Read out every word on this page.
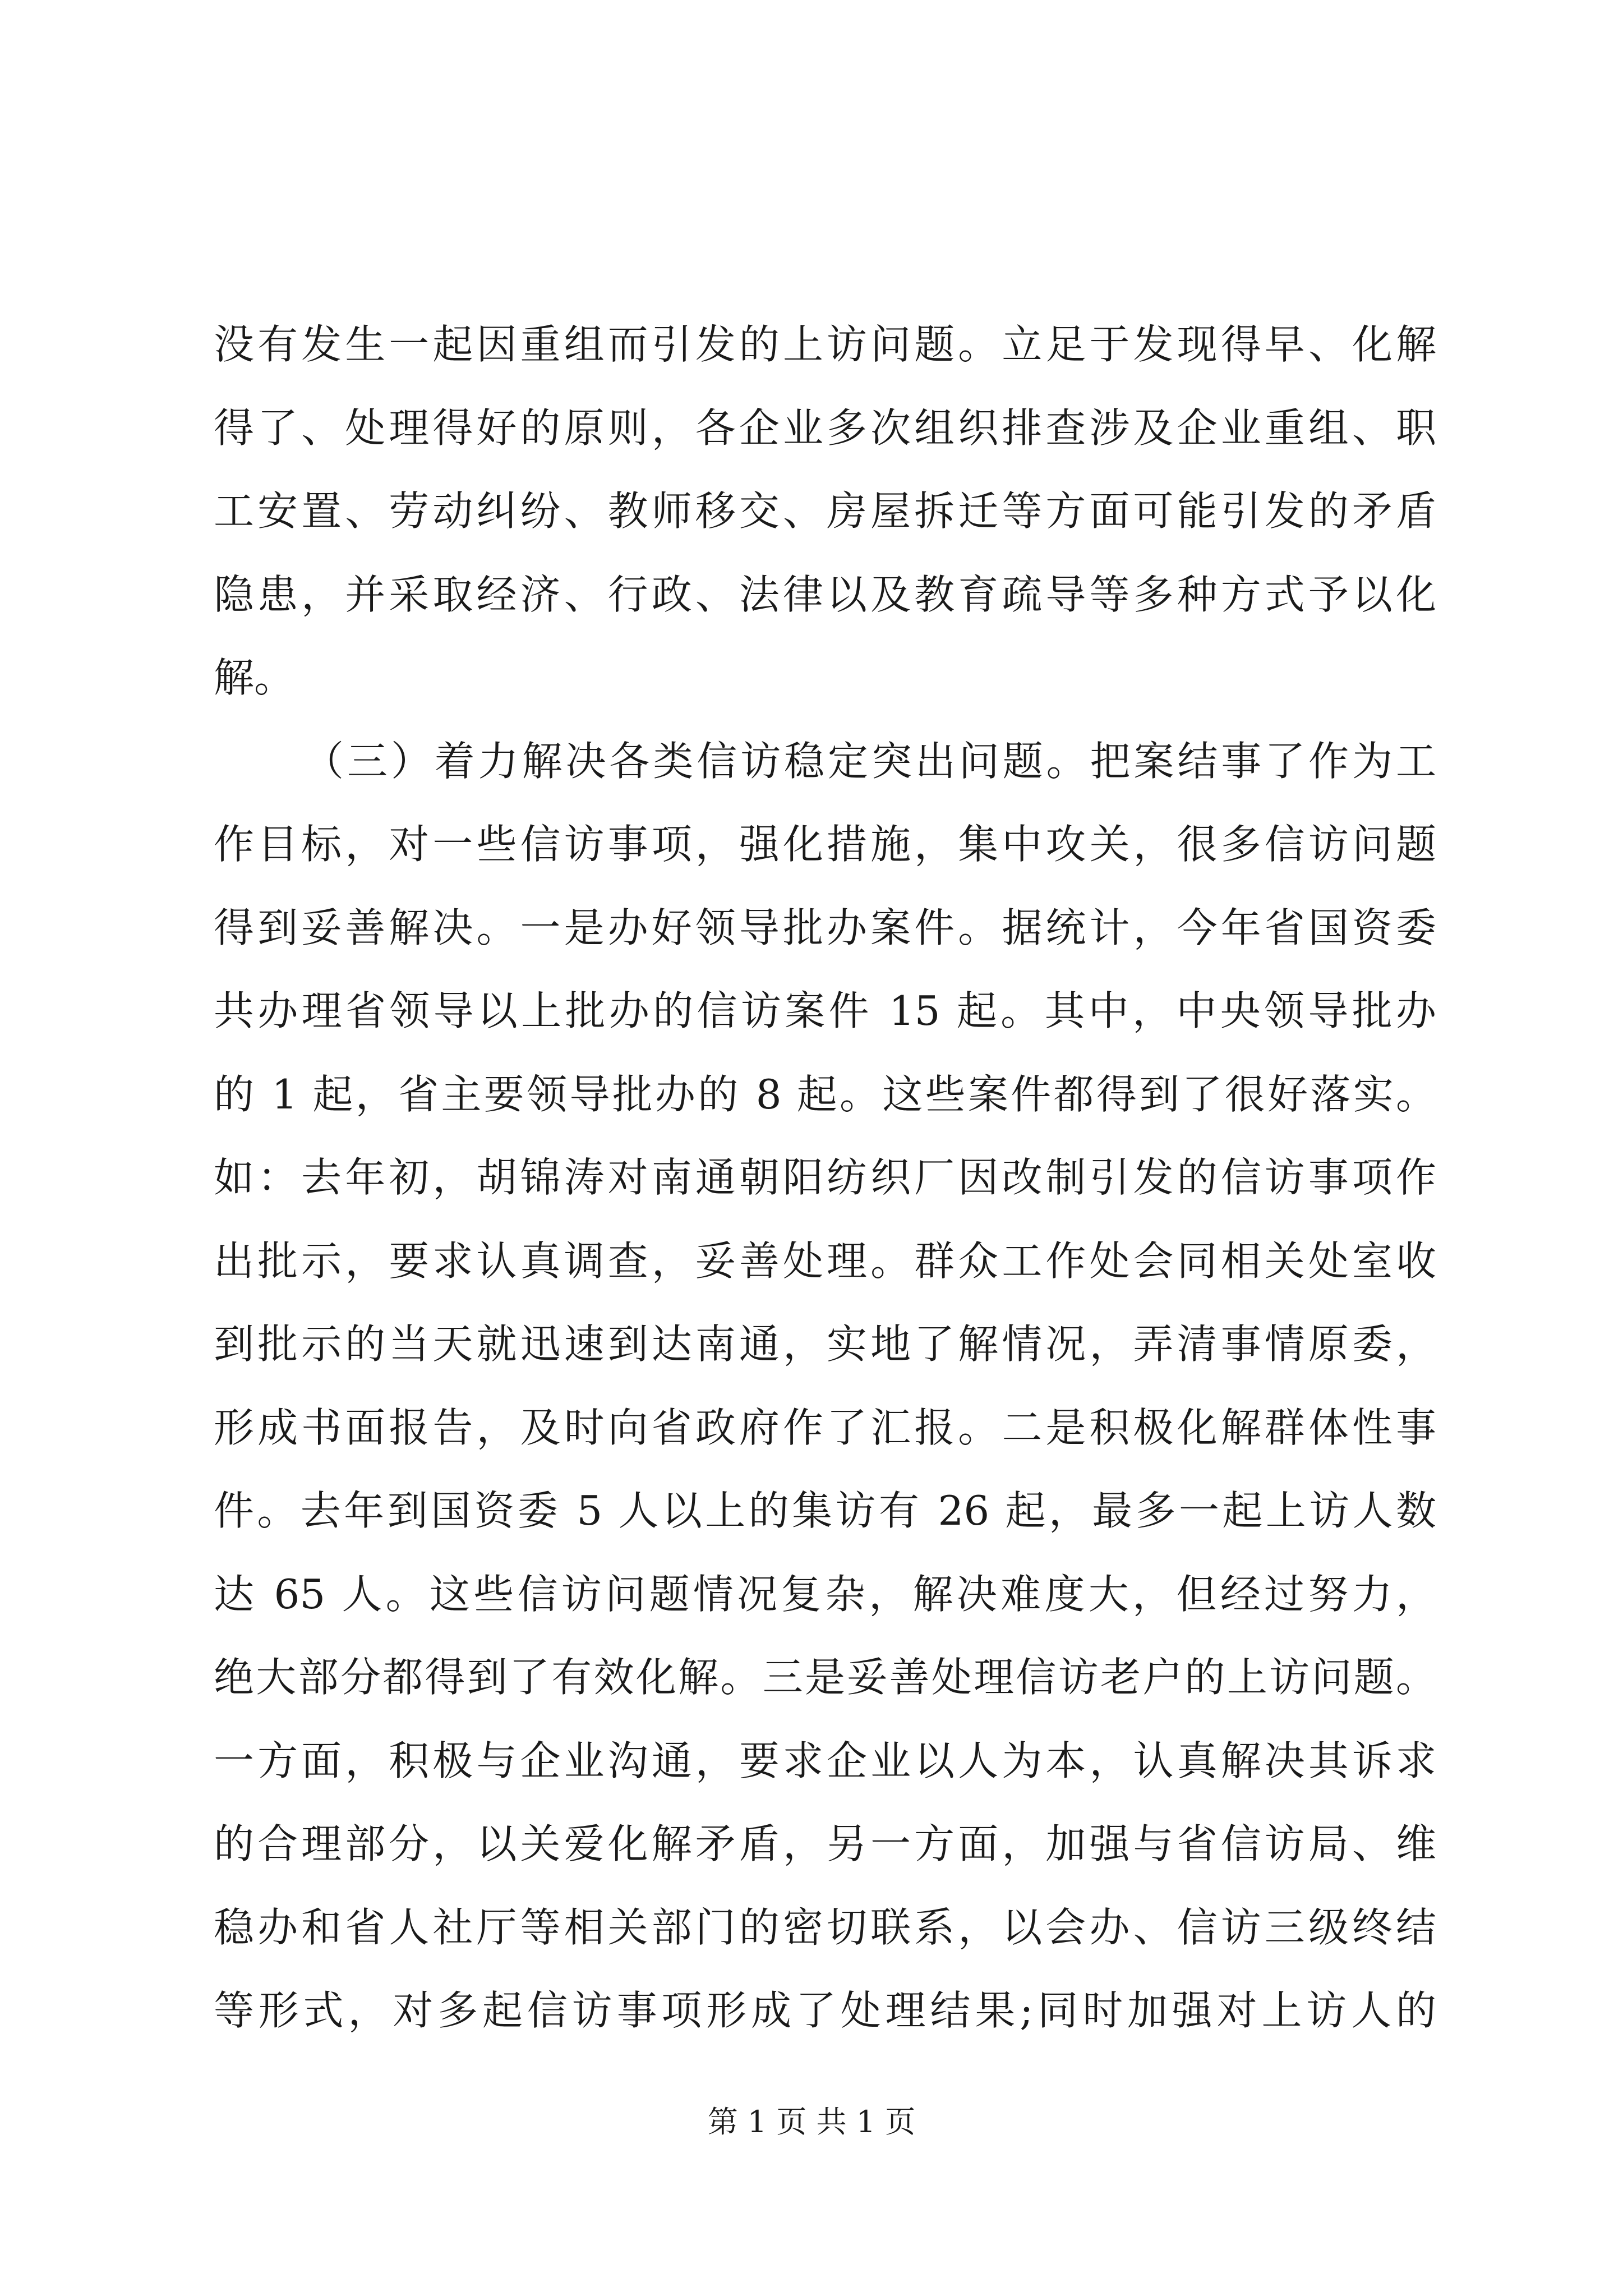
没有发生一起因重组而引发的上访问题。立足于发现得早、化解
得了、处理得好的原则，各企业多次组织排查涉及企业重组、职
工安置、劳动纠纷、教师移交、房屋拆迁等方面可能引发的矛盾
隐患，并采取经济、行政、法律以及教育疏导等多种方式予以化
解。
（三）着力解决各类信访稳定突出问题。把案结事了作为工
作目标，对一些信访事项，强化措施，集中攻关，很多信访问题
得到妥善解决。一是办好领导批办案件。据统计，今年省国资委
共办理省领导以上批办的信访案件 15 起。其中，中央领导批办
的 1 起，省主要领导批办的 8 起。这些案件都得到了很好落实。
如：去年初，胡锦涛对南通朝阳纺织厂因改制引发的信访事项作
出批示，要求认真调查，妥善处理。群众工作处会同相关处室收
到批示的当天就迅速到达南通，实地了解情况，弄清事情原委，
形成书面报告，及时向省政府作了汇报。二是积极化解群体性事
件。去年到国资委 5 人以上的集访有 26 起，最多一起上访人数
达 65 人。这些信访问题情况复杂，解决难度大，但经过努力，
绝大部分都得到了有效化解。三是妥善处理信访老户的上访问题。
一方面，积极与企业沟通，要求企业以人为本，认真解决其诉求
的合理部分，以关爱化解矛盾，另一方面，加强与省信访局、维
稳办和省人社厅等相关部门的密切联系，以会办、信访三级终结
等形式，对多起信访事项形成了处理结果;同时加强对上访人的
第 1 页 共 1 页
